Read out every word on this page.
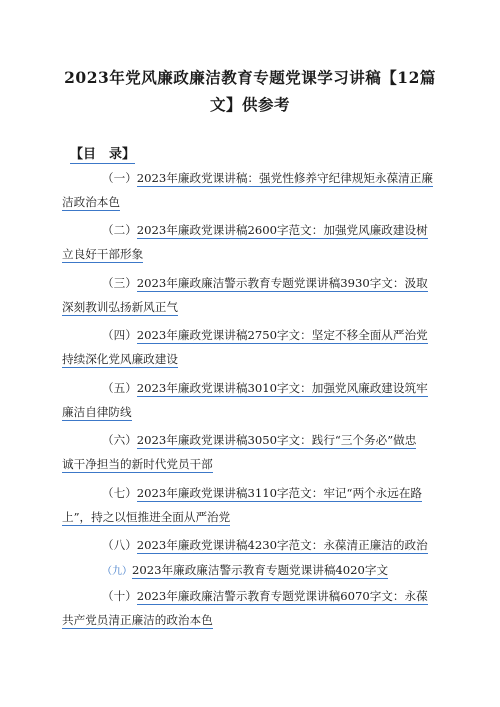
2023年党风廉政廉洁教育专题党课学习讲稿【12篇
文】供参考
【目　录】
（一）2023年廉政党课讲稿：强党性修养守纪律规矩永葆清正廉
洁政治本色
（二）2023年廉政党课讲稿2600字范文：加强党风廉政建设树
立良好干部形象
（三）2023年廉政廉洁警示教育专题党课讲稿3930字文：汲取
深刻教训弘扬新风正气
（四）2023年廉政党课讲稿2750字文：坚定不移全面从严治党
持续深化党风廉政建设
（五）2023年廉政党课讲稿3010字文：加强党风廉政建设筑牢
廉洁自律防线
（六）2023年廉政党课讲稿3050字文：践行“三个务必”做忠
诚干净担当的新时代党员干部
（七）2023年廉政党课讲稿3110字范文：牢记“两个永远在路
上”，持之以恒推进全面从严治党
（八）2023年廉政党课讲稿4230字范文：永葆清正廉洁的政治
（九）2023年廉政廉洁警示教育专题党课讲稿4020字文
（十）2023年廉政廉洁警示教育专题党课讲稿6070字文：永葆
共产党员清正廉洁的政治本色
